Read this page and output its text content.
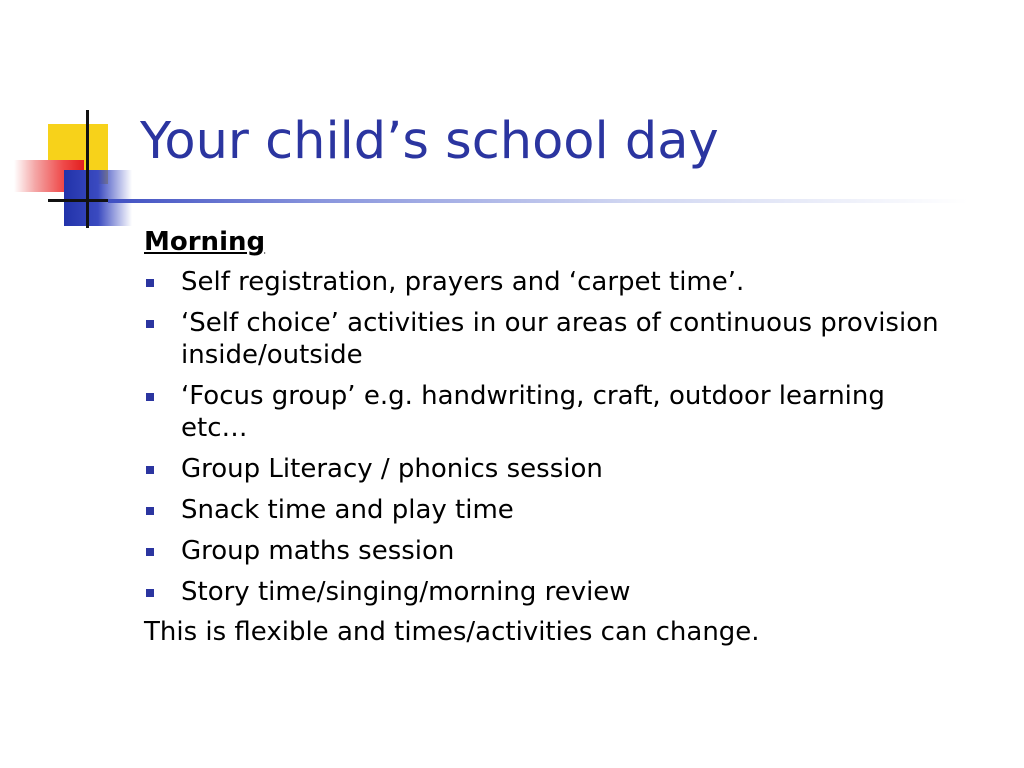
Your child’s school day
Morning
Self registration, prayers and ‘carpet time’.
‘Self choice’ activities in our areas of continuous provision inside/outside
‘Focus group’ e.g. handwriting, craft, outdoor learning etc…
Group Literacy / phonics session
Snack time and play time
Group maths session
Story time/singing/morning review
This is flexible and times/activities can change.
